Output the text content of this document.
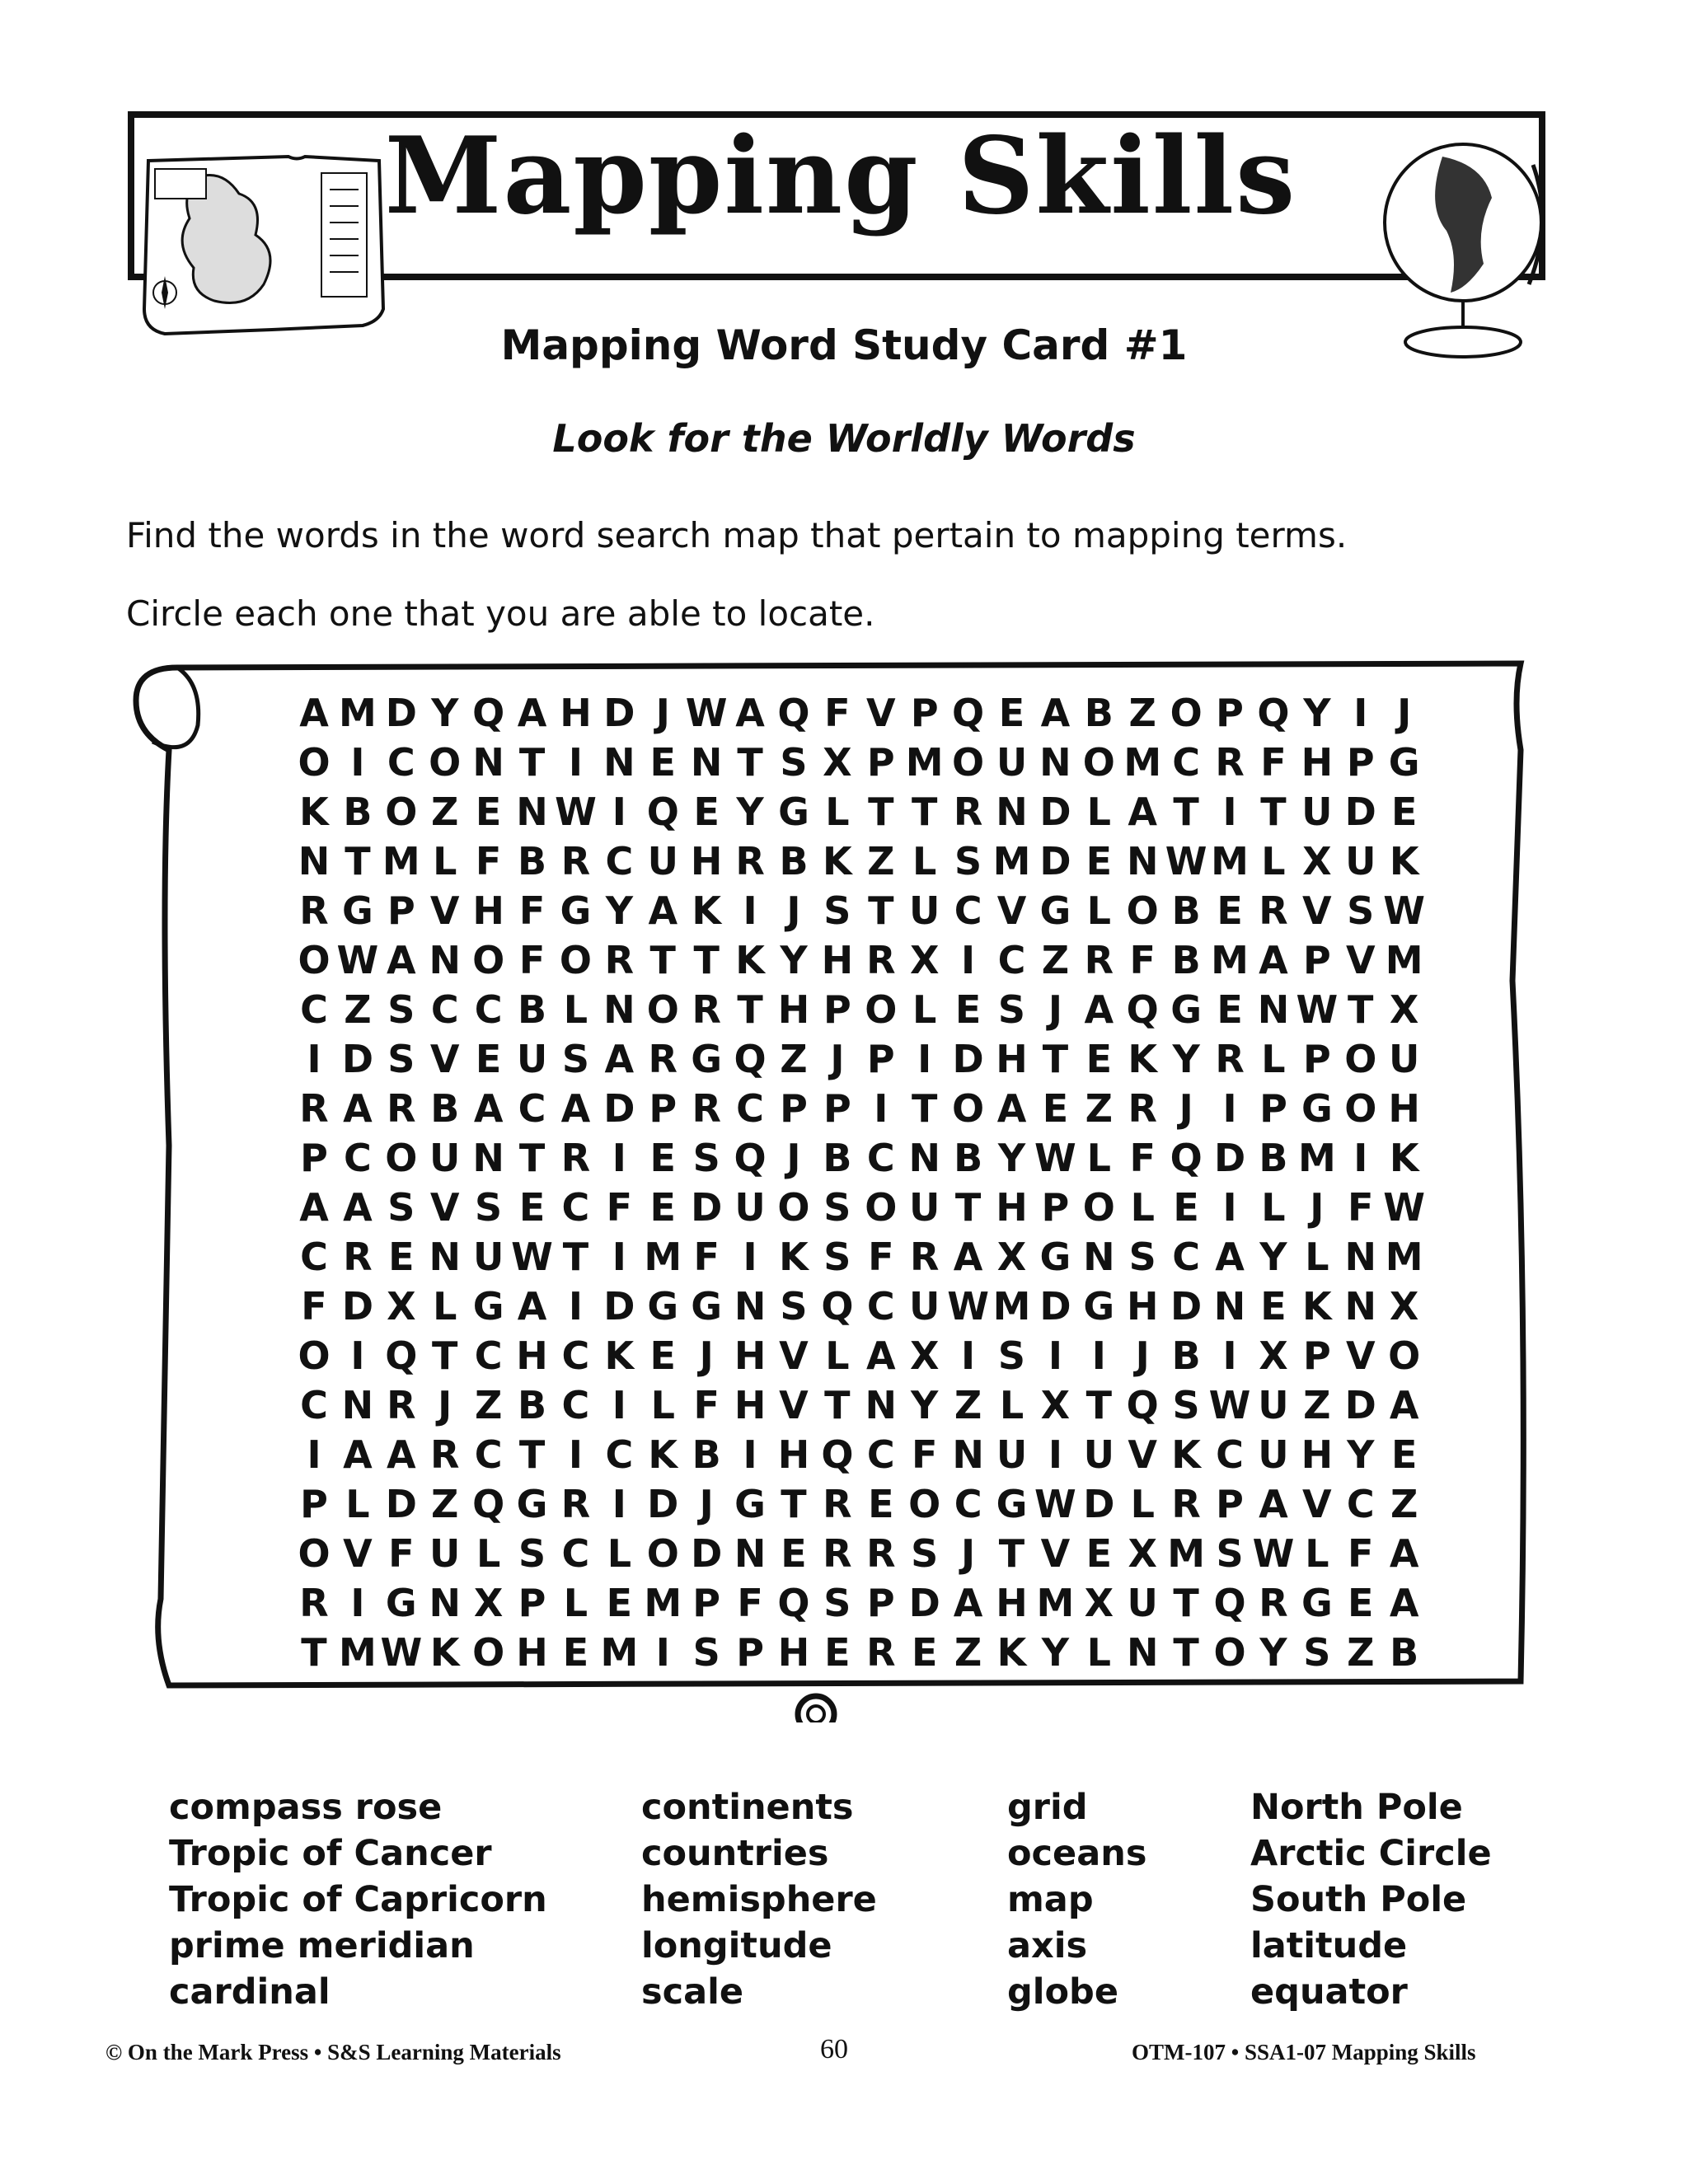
Mapping Skills
Mapping Word Study Card #1
Look for the Worldly Words
Find the words in the word search map that pertain to mapping terms.
Circle each one that you are able to locate.
A M D Y Q A H D J W A Q F V P Q E A B Z O P Q Y I J
O I C O N T I N E N T S X P M O U N O M C R F H P G
K B O Z E N W I Q E Y G L T T R N D L A T I T U D E
N T M L F B R C U H R B K Z L S M D E N W M L X U K
R G P V H F G Y A K I J S T U C V G L O B E R V S W
O W A N O F O R T T K Y H R X I C Z R F B M A P V M
C Z S C C B L N O R T H P O L E S J A Q G E N W T X
I D S V E U S A R G Q Z J P I D H T E K Y R L P O U
R A R B A C A D P R C P P I T O A E Z R J I P G O H
P C O U N T R I E S Q J B C N B Y W L F Q D B M I K
A A S V S E C F E D U O S O U T H P O L E I L J F W
C R E N U W T I M F I K S F R A X G N S C A Y L N M
F D X L G A I D G G N S Q C U W M D G H D N E K N X
O I Q T C H C K E J H V L A X I S I I J B I X P V O
C N R J Z B C I L F H V T N Y Z L X T Q S W U Z D A
I A A R C T I C K B I H Q C F N U I U V K C U H Y E
P L D Z Q G R I D J G T R E O C G W D L R P A V C Z
O V F U L S C L O D N E R R S J T V E X M S W L F A
R I G N X P L E M P F Q S P D A H M X U T Q R G E A
T M W K O H E M I S P H E R E Z K Y L N T O Y S Z B
compass rose
Tropic of Cancer
Tropic of Capricorn
prime meridian
cardinal
continents
countries
hemisphere
longitude
scale
grid
oceans
map
axis
globe
North Pole
Arctic Circle
South Pole
latitude
equator
© On the Mark Press • S&S Learning Materials	60	OTM-107 • SSA1-07 Mapping Skills
